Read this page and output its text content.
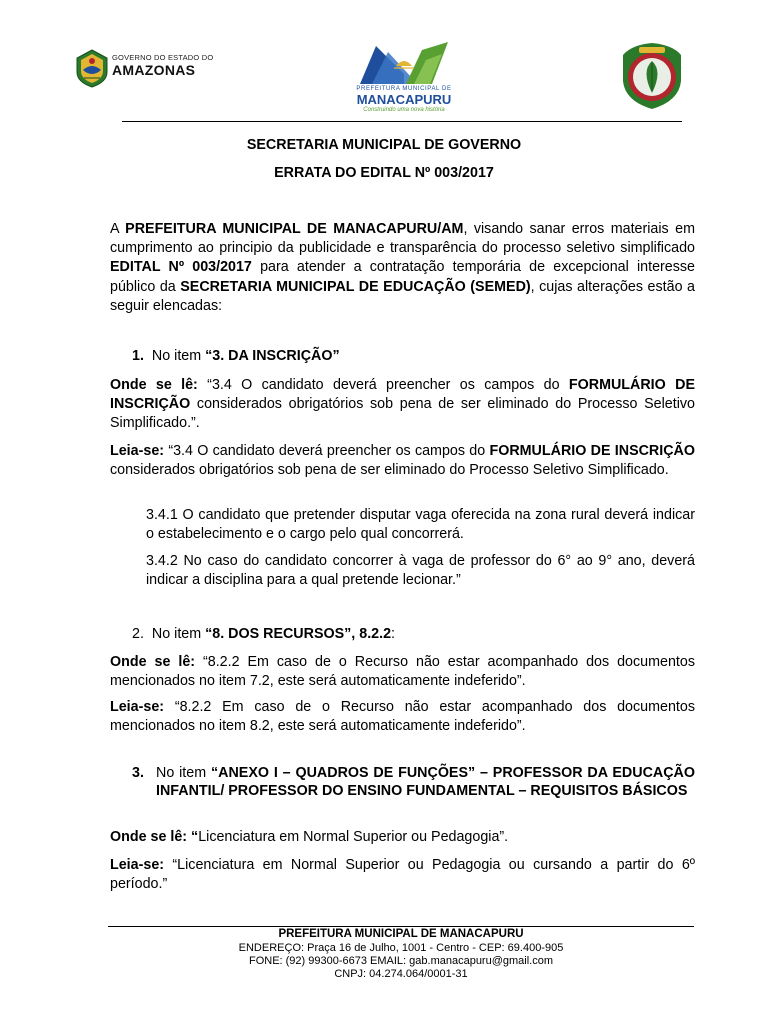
GOVERNO DO ESTADO DO
AMAZONAS
PREFEITURA MUNICIPAL DE
MANACAPURU
Construindo uma nova história
SECRETARIA MUNICIPAL DE GOVERNO
ERRATA DO EDITAL Nº 003/2017
A PREFEITURA MUNICIPAL DE MANACAPURU/AM, visando sanar erros materiais em cumprimento ao principio da publicidade e transparência do processo seletivo simplificado EDITAL Nº 003/2017 para atender a contratação temporária de excepcional interesse público da SECRETARIA MUNICIPAL DE EDUCAÇÃO (SEMED), cujas alterações estão a seguir elencadas:
1. No item “3. DA INSCRIÇÃO”
Onde se lê: “3.4 O candidato deverá preencher os campos do FORMULÁRIO DE INSCRIÇÃO considerados obrigatórios sob pena de ser eliminado do Processo Seletivo Simplificado.”.
Leia-se: “3.4 O candidato deverá preencher os campos do FORMULÁRIO DE INSCRIÇÃO considerados obrigatórios sob pena de ser eliminado do Processo Seletivo Simplificado.
3.4.1 O candidato que pretender disputar vaga oferecida na zona rural deverá indicar o estabelecimento e o cargo pelo qual concorrerá.
3.4.2 No caso do candidato concorrer à vaga de professor do 6° ao 9° ano, deverá indicar a disciplina para a qual pretende lecionar.”
2. No item “8. DOS RECURSOS”, 8.2.2:
Onde se lê: “8.2.2 Em caso de o Recurso não estar acompanhado dos documentos mencionados no item 7.2, este será automaticamente indeferido”.
Leia-se: “8.2.2 Em caso de o Recurso não estar acompanhado dos documentos mencionados no item 8.2, este será automaticamente indeferido”.
3. No item “ANEXO I – QUADROS DE FUNÇÕES” – PROFESSOR DA EDUCAÇÃO INFANTIL/ PROFESSOR DO ENSINO FUNDAMENTAL – REQUISITOS BÁSICOS
Onde se lê: “Licenciatura em Normal Superior ou Pedagogia”.
Leia-se: “Licenciatura em Normal Superior ou Pedagogia ou cursando a partir do 6º período.”
PREFEITURA MUNICIPAL DE MANACAPURU
ENDEREÇO: Praça 16 de Julho, 1001 - Centro - CEP: 69.400-905
FONE: (92) 99300-6673 EMAIL: gab.manacapuru@gmail.com
CNPJ: 04.274.064/0001-31
